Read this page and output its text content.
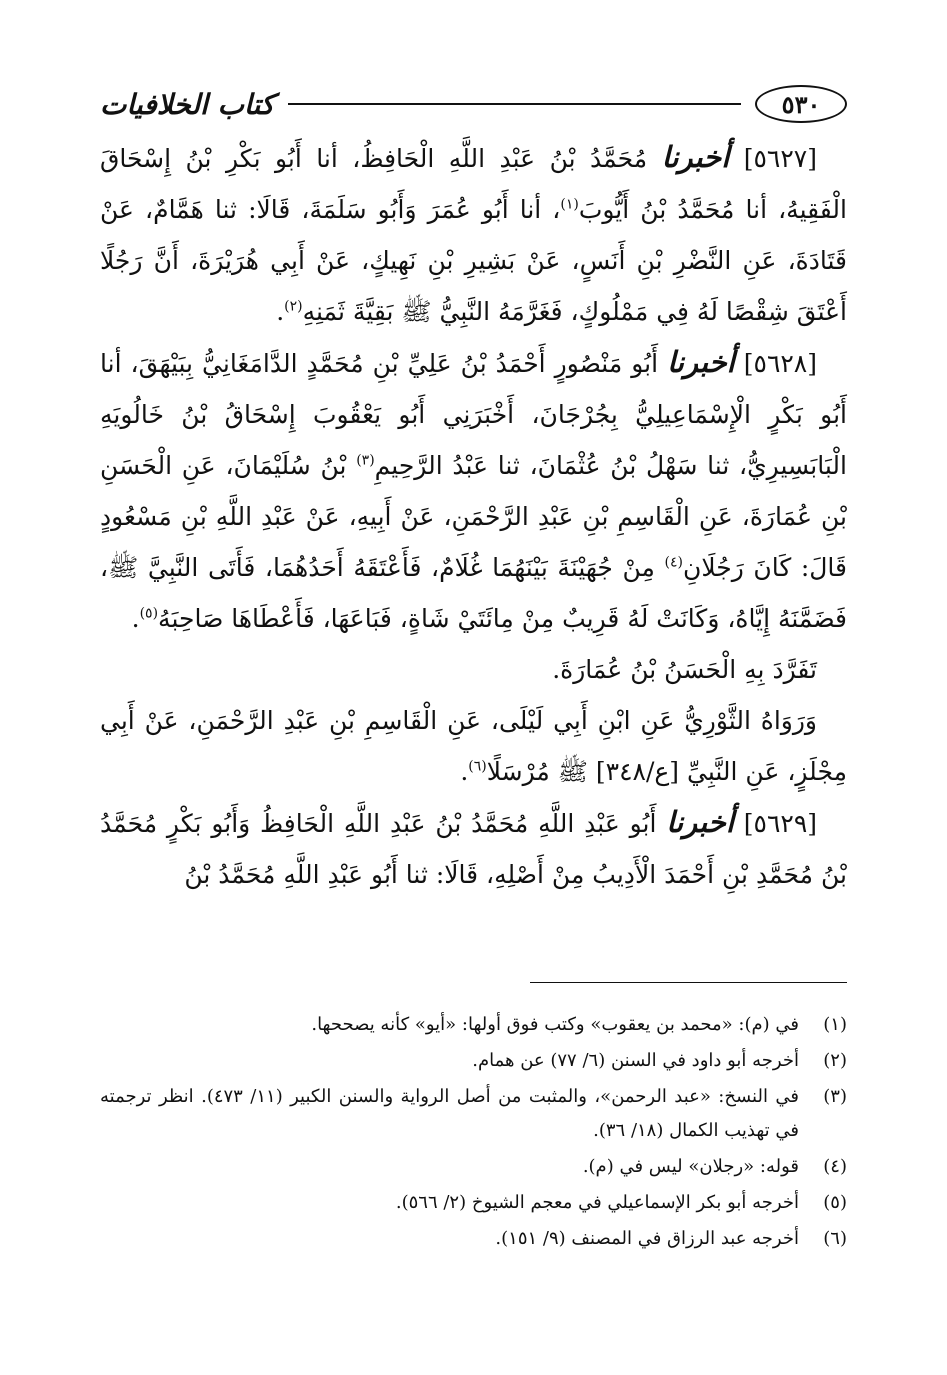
٥٣٠
كتاب الخلافيات

[٥٦٢٧] أخبرنا مُحَمَّدُ بْنُ عَبْدِ اللَّهِ الْحَافِظُ، أنا أَبُو بَكْرِ بْنُ إِسْحَاقَ الْفَقِيهُ، أنا مُحَمَّدُ بْنُ أَيُّوبَ$^{(١)}$، أنا أَبُو عُمَرَ وَأَبُو سَلَمَةَ، قَالَا: ثنا هَمَّامٌ، عَنْ قَتَادَةَ، عَنِ النَّضْرِ بْنِ أَنَسٍ، عَنْ بَشِيرِ بْنِ نَهِيكٍ، عَنْ أَبِي هُرَيْرَةَ، أَنَّ رَجُلًا أَعْتَقَ شِقْصًا لَهُ فِي مَمْلُوكٍ، فَغَرَّمَهُ النَّبِيُّ ﷺ بَقِيَّةَ ثَمَنِهِ$^{(٢)}$.

[٥٦٢٨] أخبرنا أَبُو مَنْصُورٍ أَحْمَدُ بْنُ عَلِيِّ بْنِ مُحَمَّدٍ الدَّامَغَانِيُّ بِبَيْهَقَ، أنا أَبُو بَكْرٍ الْإِسْمَاعِيلِيُّ بِجُرْجَانَ، أَخْبَرَنِي أَبُو يَعْقُوبَ إِسْحَاقُ بْنُ خَالُويَهِ الْبَابَسِيرِيُّ، ثنا سَهْلُ بْنُ عُثْمَانَ، ثنا عَبْدُ الرَّحِيمِ$^{(٣)}$ بْنُ سُلَيْمَانَ، عَنِ الْحَسَنِ بْنِ عُمَارَةَ، عَنِ الْقَاسِمِ بْنِ عَبْدِ الرَّحْمَنِ، عَنْ أَبِيهِ، عَنْ عَبْدِ اللَّهِ بْنِ مَسْعُودٍ قَالَ: كَانَ رَجُلَانِ$^{(٤)}$ مِنْ جُهَيْنَةَ بَيْنَهُمَا غُلَامٌ، فَأَعْتَقَهُ أَحَدُهُمَا، فَأَتَى النَّبِيَّ ﷺ، فَضَمَّنَهُ إِيَّاهُ، وَكَانَتْ لَهُ قَرِيبٌ مِنْ مِائَتَيْ شَاةٍ، فَبَاعَهَا، فَأَعْطَاهَا صَاحِبَهُ$^{(٥)}$.

تَفَرَّدَ بِهِ الْحَسَنُ بْنُ عُمَارَةَ.

وَرَوَاهُ الثَّوْرِيُّ عَنِ ابْنِ أَبِي لَيْلَى، عَنِ الْقَاسِمِ بْنِ عَبْدِ الرَّحْمَنِ، عَنْ أَبِي مِجْلَزٍ، عَنِ النَّبِيِّ [ع/٣٤٨] ﷺ مُرْسَلًا$^{(٦)}$.

[٥٦٢٩] أخبرنا أَبُو عَبْدِ اللَّهِ مُحَمَّدُ بْنُ عَبْدِ اللَّهِ الْحَافِظُ وَأَبُو بَكْرٍ مُحَمَّدُ بْنُ مُحَمَّدِ بْنِ أَحْمَدَ الْأَدِيبُ مِنْ أَصْلِهِ، قَالَا: ثنا أَبُو عَبْدِ اللَّهِ مُحَمَّدُ بْنُ

(١)
في (م): «محمد بن يعقوب» وكتب فوق أولها: «أيو» كأنه يصححها.
(٢)
أخرجه أبو داود في السنن (٦/ ٧٧) عن همام.
(٣)
في النسخ: «عبد الرحمن»، والمثبت من أصل الرواية والسنن الكبير (١١/ ٤٧٣). انظر ترجمته في تهذيب الكمال (١٨/ ٣٦).
(٤)
قوله: «رجلان» ليس في (م).
(٥)
أخرجه أبو بكر الإسماعيلي في معجم الشيوخ (٢/ ٥٦٦).
(٦)
أخرجه عبد الرزاق في المصنف (٩/ ١٥١).
